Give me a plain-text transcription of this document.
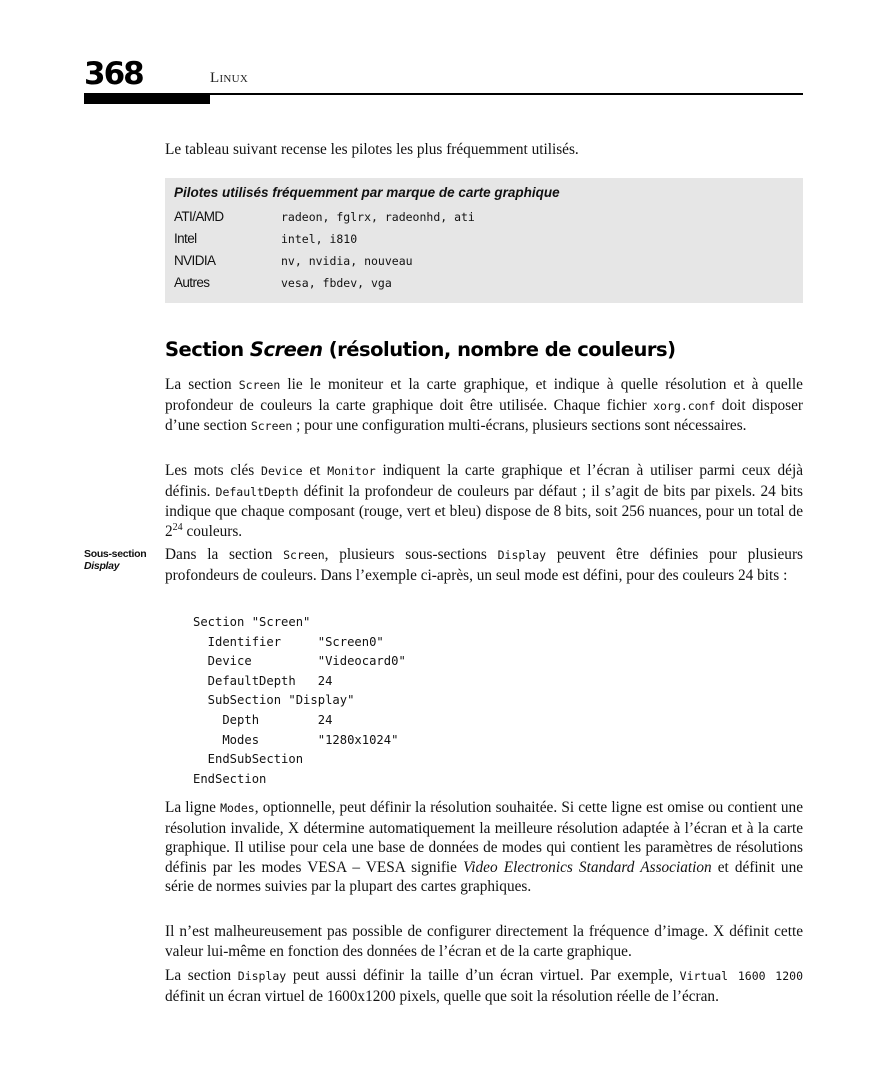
368	Linux

Le tableau suivant recense les pilotes les plus fréquemment utilisés.

Pilotes utilisés fréquemment par marque de carte graphique
ATI/AMD	radeon, fglrx, radeonhd, ati
Intel	intel, i810
NVIDIA	nv, nvidia, nouveau
Autres	vesa, fbdev, vga
Section Screen (résolution, nombre de couleurs)

La section Screen lie le moniteur et la carte graphique, et indique à quelle résolution et à quelle profondeur de couleurs la carte graphique doit être utilisée. Chaque fichier xorg.conf doit disposer d’une section Screen ; pour une configuration multi-écrans, plusieurs sections sont nécessaires.

Les mots clés Device et Monitor indiquent la carte graphique et l’écran à utiliser parmi ceux déjà définis. DefaultDepth définit la profondeur de couleurs par défaut ; il s’agit de bits par pixels. 24 bits indique que chaque composant (rouge, vert et bleu) dispose de 8 bits, soit 256 nuances, pour un total de $2^{24}$ couleurs.

Sous-section
Display

Dans la section Screen, plusieurs sous-sections Display peuvent être définies pour plusieurs profondeurs de couleurs. Dans l’exemple ci-après, un seul mode est défini, pour des couleurs 24 bits :

Section "Screen"
Identifier     "Screen0"
Device         "Videocard0"
DefaultDepth   24
SubSection "Display"
Depth        24
Modes        "1280x1024"
EndSubSection
EndSection

La ligne Modes, optionnelle, peut définir la résolution souhaitée. Si cette ligne est omise ou contient une résolution invalide, X détermine automatiquement la meilleure résolution adaptée à l’écran et à la carte graphique. Il utilise pour cela une base de données de modes qui contient les paramètres de résolutions définis par les modes VESA – VESA signifie Video Electronics Standard Association et définit une série de normes suivies par la plupart des cartes graphiques.

Il n’est malheureusement pas possible de configurer directement la fréquence d’image. X définit cette valeur lui-même en fonction des données de l’écran et de la carte graphique.

La section Display peut aussi définir la taille d’un écran virtuel. Par exemple, Virtual 1600 1200 définit un écran virtuel de 1600x1200 pixels, quelle que soit la résolution réelle de l’écran.
